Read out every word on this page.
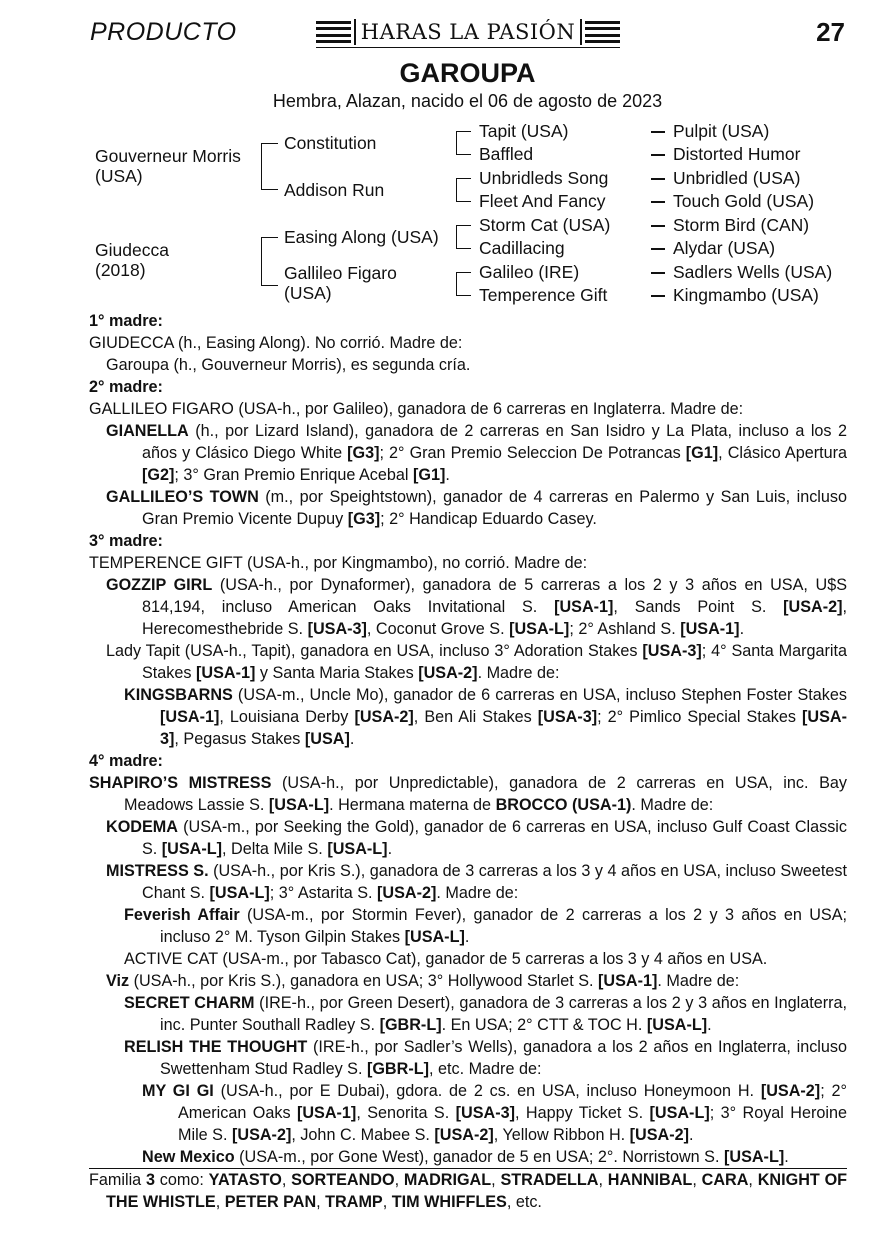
PRODUCTO	HARAS LA PASIÓN	27
GAROUPA
Hembra, Alazan, nacido el 06 de agosto de 2023
Gouverneur Morris (USA)
Giudecca (2018)
Constitution
Addison Run
Easing Along (USA)
Gallileo Figaro (USA)
Tapit (USA)
Baffled
Unbridleds Song
Fleet And Fancy
Storm Cat (USA)
Cadillacing
Galileo (IRE)
Temperence Gift
Pulpit (USA)
Distorted Humor
Unbridled (USA)
Touch Gold (USA)
Storm Bird (CAN)
Alydar (USA)
Sadlers Wells (USA)
Kingmambo (USA)

1° madre:

GIUDECCA (h., Easing Along). No corrió. Madre de:

Garoupa (h., Gouverneur Morris), es segunda cría.

2° madre:

GALLILEO FIGARO (USA-h., por Galileo), ganadora de 6 carreras en Inglaterra. Madre de:

GIANELLA (h., por Lizard Island), ganadora de 2 carreras en San Isidro y La Plata, incluso a los 2 años y Clásico Diego White [G3]; 2° Gran Premio Seleccion De Potrancas [G1], Clásico Apertura [G2]; 3° Gran Premio Enrique Acebal [G1].

GALLILEO’S TOWN (m., por Speightstown), ganador de 4 carreras en Palermo y San Luis, incluso Gran Premio Vicente Dupuy [G3]; 2° Handicap Eduardo Casey.

3° madre:

TEMPERENCE GIFT (USA-h., por Kingmambo), no corrió. Madre de:

GOZZIP GIRL (USA-h., por Dynaformer), ganadora de 5 carreras a los 2 y 3 años en USA, U$S 814,194, incluso American Oaks Invitational S. [USA-1], Sands Point S. [USA-2], Herecomesthebride S. [USA-3], Coconut Grove S. [USA-L]; 2° Ashland S. [USA-1].

Lady Tapit (USA-h., Tapit), ganadora en USA, incluso 3° Adoration Stakes [USA-3]; 4° Santa Margarita Stakes [USA-1] y Santa Maria Stakes [USA-2]. Madre de:

KINGSBARNS (USA-m., Uncle Mo), ganador de 6 carreras en USA, incluso Stephen Foster Stakes [USA-1], Louisiana Derby [USA-2], Ben Ali Stakes [USA-3]; 2° Pimlico Special Stakes [USA-3], Pegasus Stakes [USA].

4° madre:

SHAPIRO’S MISTRESS (USA-h., por Unpredictable), ganadora de 2 carreras en USA, inc. Bay Meadows Lassie S. [USA-L]. Hermana materna de BROCCO (USA-1). Madre de:

KODEMA (USA-m., por Seeking the Gold), ganador de 6 carreras en USA, incluso Gulf Coast Classic S. [USA-L], Delta Mile S. [USA-L].

MISTRESS S. (USA-h., por Kris S.), ganadora de 3 carreras a los 3 y 4 años en USA, incluso Sweetest Chant S. [USA-L]; 3° Astarita S. [USA-2]. Madre de:

Feverish Affair (USA-m., por Stormin Fever), ganador de 2 carreras a los 2 y 3 años en USA; incluso 2° M. Tyson Gilpin Stakes [USA-L].

ACTIVE CAT (USA-m., por Tabasco Cat), ganador de 5 carreras a los 3 y 4 años en USA.

Viz (USA-h., por Kris S.), ganadora en USA; 3° Hollywood Starlet S. [USA-1]. Madre de:

SECRET CHARM (IRE-h., por Green Desert), ganadora de 3 carreras a los 2 y 3 años en Inglaterra, inc. Punter Southall Radley S. [GBR-L]. En USA; 2° CTT & TOC H. [USA-L].

RELISH THE THOUGHT (IRE-h., por Sadler’s Wells), ganadora a los 2 años en Inglaterra, incluso Swettenham Stud Radley S. [GBR-L], etc. Madre de:

MY GI GI (USA-h., por E Dubai), gdora. de 2 cs. en USA, incluso Honeymoon H. [USA-2]; 2° American Oaks [USA-1], Senorita S. [USA-3], Happy Ticket S. [USA-L]; 3° Royal Heroine Mile S. [USA-2], John C. Mabee S. [USA-2], Yellow Ribbon H. [USA-2].

New Mexico (USA-m., por Gone West), ganador de 5 en USA; 2°. Norristown S. [USA-L].

Familia 3 como: YATASTO, SORTEANDO, MADRIGAL, STRADELLA, HANNIBAL, CARA, KNIGHT OF THE WHISTLE, PETER PAN, TRAMP, TIM WHIFFLES, etc.
